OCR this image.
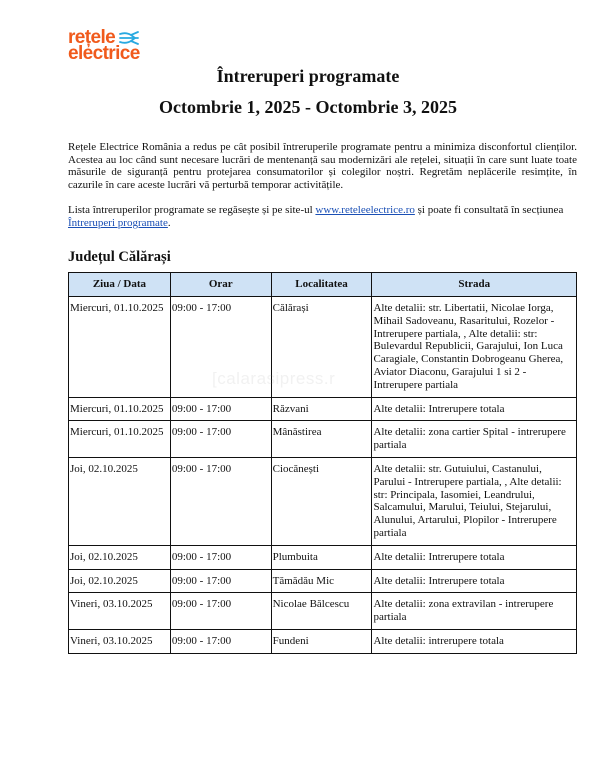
rețele
electrice
Întreruperi programate
Octombrie 1, 2025 - Octombrie 3, 2025
Rețele Electrice România a redus pe cât posibil întreruperile programate pentru a minimiza disconfortul clienților. Acestea au loc când sunt necesare lucrări de mentenanță sau modernizări ale rețelei, situații în care sunt luate toate măsurile de siguranță pentru protejarea consumatorilor și colegilor noștri. Regretăm neplăcerile resimțite, în cazurile în care aceste lucrări vă perturbă temporar activitățile.
Lista întreruperilor programate se regăsește și pe site-ul www.reteleelectrice.ro și poate fi consultată în secțiunea Întreruperi programate.
Județul Călărași
Ziua / Data	Orar	Localitatea	Strada
Miercuri, 01.10.2025	09:00 - 17:00	Călărași	Alte detalii: str. Libertatii, Nicolae Iorga, Mihail Sadoveanu, Rasaritului, Rozelor - Intrerupere partiala, , Alte detalii: str: Bulevardul Republicii, Garajului, Ion Luca Caragiale, Constantin Dobrogeanu Gherea, Aviator Diaconu, Garajului 1 si 2 - Intrerupere partiala
Miercuri, 01.10.2025	09:00 - 17:00	Răzvani	Alte detalii: Intrerupere totala
Miercuri, 01.10.2025	09:00 - 17:00	Mânăstirea	Alte detalii: zona cartier Spital - intrerupere partiala
Joi, 02.10.2025	09:00 - 17:00	Ciocănești	Alte detalii: str. Gutuiului, Castanului, Parului - Intrerupere partiala, , Alte detalii: str: Principala, Iasomiei, Leandrului, Salcamului, Marului, Teiului, Stejarului, Alunului, Artarului, Plopilor - Intrerupere partiala
Joi, 02.10.2025	09:00 - 17:00	Plumbuita	Alte detalii: Intrerupere totala
Joi, 02.10.2025	09:00 - 17:00	Tămădău Mic	Alte detalii: Intrerupere totala
Vineri, 03.10.2025	09:00 - 17:00	Nicolae Bălcescu	Alte detalii: zona extravilan - intrerupere partiala
Vineri, 03.10.2025	09:00 - 17:00	Fundeni	Alte detalii: intrerupere totala
[calarasipress.r
